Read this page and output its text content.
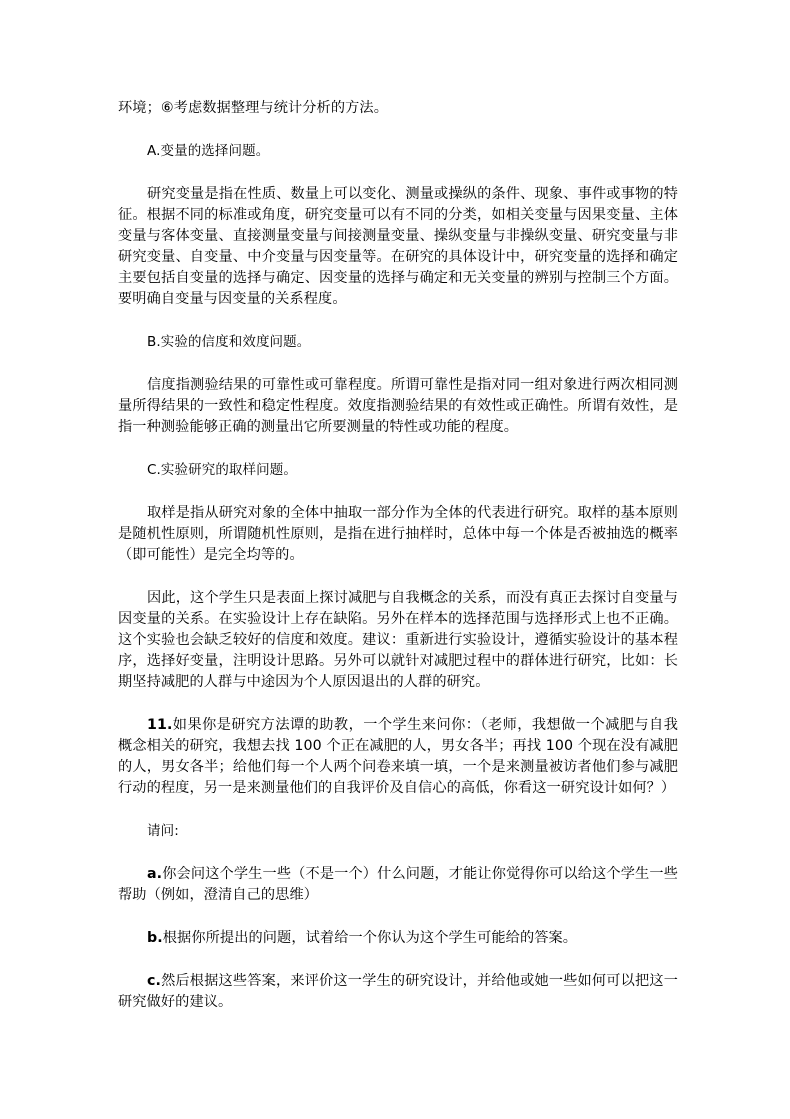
环境；⑥考虑数据整理与统计分析的方法。

A.变量的选择问题。

研究变量是指在性质、数量上可以变化、测量或操纵的条件、现象、事件或事物的特征。根据不同的标准或角度，研究变量可以有不同的分类，如相关变量与因果变量、主体变量与客体变量、直接测量变量与间接测量变量、操纵变量与非操纵变量、研究变量与非研究变量、自变量、中介变量与因变量等。在研究的具体设计中，研究变量的选择和确定主要包括自变量的选择与确定、因变量的选择与确定和无关变量的辨别与控制三个方面。要明确自变量与因变量的关系程度。

B.实验的信度和效度问题。

信度指测验结果的可靠性或可靠程度。所谓可靠性是指对同一组对象进行两次相同测量所得结果的一致性和稳定性程度。效度指测验结果的有效性或正确性。所谓有效性，是指一种测验能够正确的测量出它所要测量的特性或功能的程度。

C.实验研究的取样问题。

取样是指从研究对象的全体中抽取一部分作为全体的代表进行研究。取样的基本原则是随机性原则，所谓随机性原则，是指在进行抽样时，总体中每一个体是否被抽选的概率（即可能性）是完全均等的。

因此，这个学生只是表面上探讨减肥与自我概念的关系，而没有真正去探讨自变量与因变量的关系。在实验设计上存在缺陷。另外在样本的选择范围与选择形式上也不正确。这个实验也会缺乏较好的信度和效度。建议：重新进行实验设计，遵循实验设计的基本程序，选择好变量，注明设计思路。另外可以就针对减肥过程中的群体进行研究，比如：长期坚持减肥的人群与中途因为个人原因退出的人群的研究。

11.如果你是研究方法谭的助教，一个学生来问你：（老师，我想做一个减肥与自我概念相关的研究，我想去找 100 个正在减肥的人，男女各半；再找 100 个现在没有减肥的人，男女各半；给他们每一个人两个问卷来填一填，一个是来测量被访者他们参与减肥行动的程度，另一是来测量他们的自我评价及自信心的高低，你看这一研究设计如何？）

请问:

a.你会问这个学生一些（不是一个）什么问题，才能让你觉得你可以给这个学生一些帮助（例如，澄清自己的思维）

b.根据你所提出的问题，试着给一个你认为这个学生可能给的答案。

c.然后根据这些答案，来评价这一学生的研究设计，并给他或她一些如何可以把这一研究做好的建议。
